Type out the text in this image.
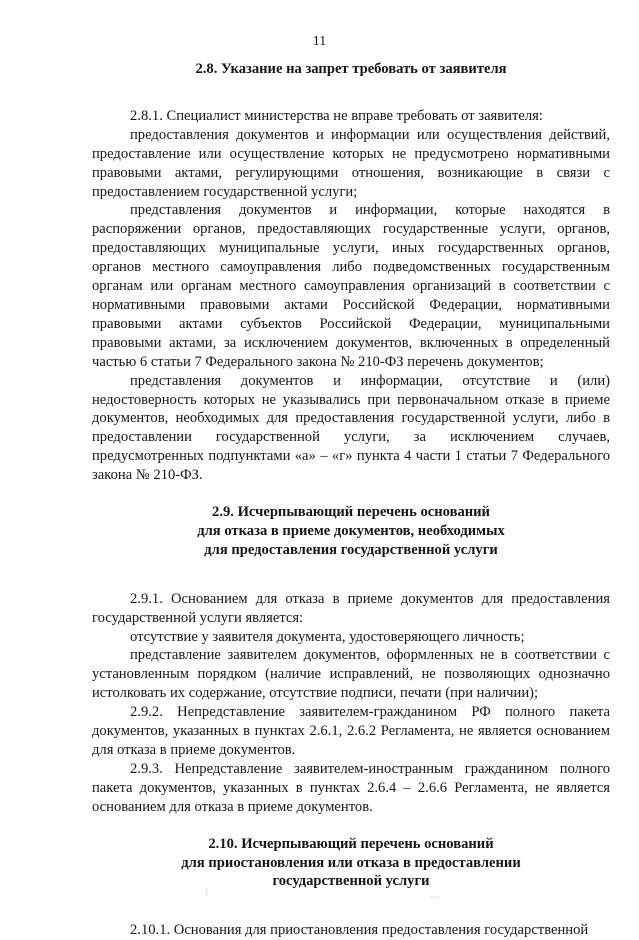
11
2.8. Указание на запрет требовать от заявителя

2.8.1. Специалист министерства не вправе требовать от заявителя:

предоставления документов и информации или осуществления действий, предоставление или осуществление которых не предусмотрено нормативными правовыми актами, регулирующими отношения, возникающие в связи с предоставлением государственной услуги;

представления документов и информации, которые находятся в распоряжении органов, предоставляющих государственные услуги, органов, предоставляющих муниципальные услуги, иных государственных органов, органов местного самоуправления либо подведомственных государственным органам или органам местного самоуправления организаций в соответствии с нормативными правовыми актами Российской Федерации, нормативными правовыми актами субъектов Российской Федерации, муниципальными правовыми актами, за исключением документов, включенных в определенный частью 6 статьи 7 Федерального закона № 210-ФЗ перечень документов;

представления документов и информации, отсутствие и (или) недостоверность которых не указывались при первоначальном отказе в приеме документов, необходимых для предоставления государственной услуги, либо в предоставлении государственной услуги, за исключением случаев, предусмотренных подпунктами «а» – «г» пункта 4 части 1 статьи 7 Федерального закона № 210-ФЗ.

2.9. Исчерпывающий перечень оснований
для отказа в приеме документов, необходимых
для предоставления государственной услуги

2.9.1. Основанием для отказа в приеме документов для предоставления государственной услуги является:

отсутствие у заявителя документа, удостоверяющего личность;

представление заявителем документов, оформленных не в соответствии с установленным порядком (наличие исправлений, не позволяющих однозначно истолковать их содержание, отсутствие подписи, печати (при наличии);

2.9.2. Непредставление заявителем-гражданином РФ полного пакета документов, указанных в пунктах 2.6.1, 2.6.2 Регламента, не является основанием для отказа в приеме документов.

2.9.3. Непредставление заявителем-иностранным гражданином полного пакета документов, указанных в пунктах 2.6.4 – 2.6.6 Регламента, не является основанием для отказа в приеме документов.

2.10. Исчерпывающий перечень оснований
для приостановления или отказа в предоставлении
государственной услуги

2.10.1. Основания для приостановления предоставления государственной

⁝	⋯
